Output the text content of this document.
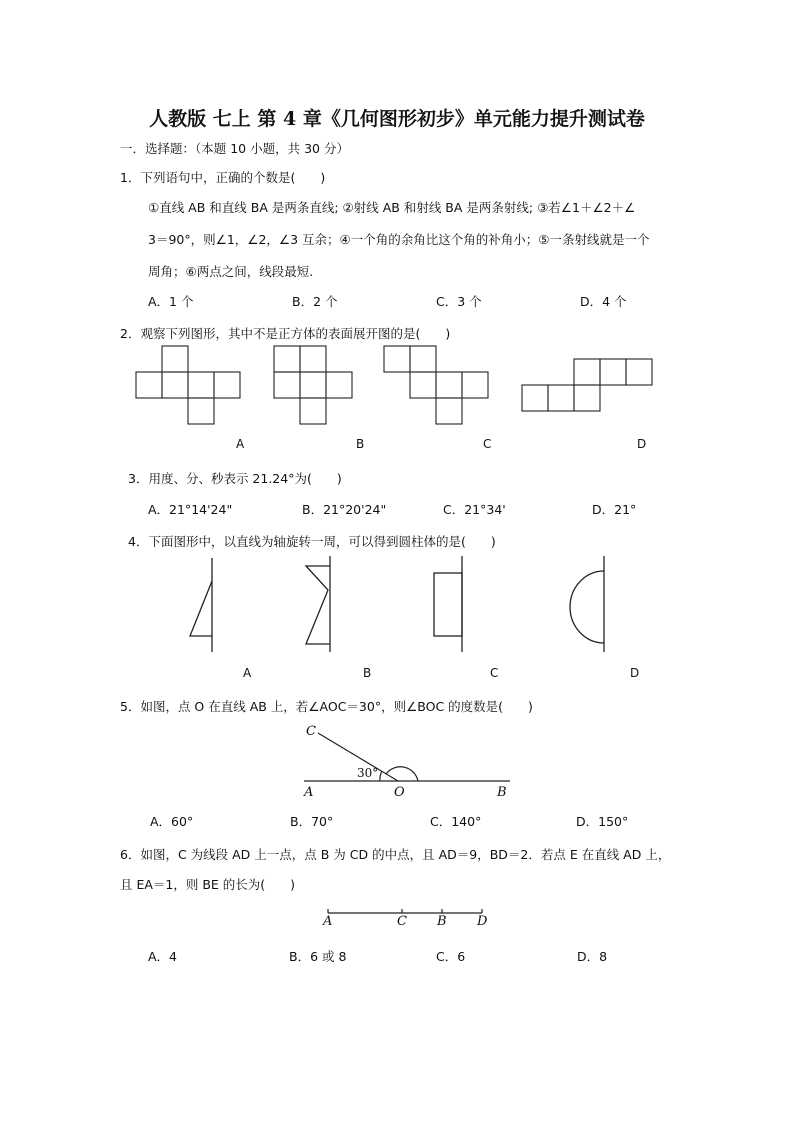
人教版 七上 第 4 章《几何图形初步》单元能力提升测试卷
一．选择题：（本题 10 小题，共 30 分）
1．下列语句中，正确的个数是(　　)
①直线 AB 和直线 BA 是两条直线; ②射线 AB 和射线 BA 是两条射线; ③若∠1＋∠2＋∠
3＝90°，则∠1，∠2，∠3 互余；④一个角的余角比这个角的补角小；⑤一条射线就是一个
周角；⑥两点之间，线段最短.
A．1 个	B．2 个	C．3 个	D．4 个
2．观察下列图形，其中不是正方体的表面展开图的是(　　)
A	B	C	D
3．用度、分、秒表示 21.24°为(　　)
A．21°14'24"	B．21°20'24"	C．21°34'	D．21°
4．下面图形中，以直线为轴旋转一周，可以得到圆柱体的是(　　)
A	B	C	D
5．如图，点 O 在直线 AB 上，若∠AOC＝30°，则∠BOC 的度数是(　　)
C
30°
A	O	B
A．60°	B．70°	C．140°	D．150°
6．如图，C 为线段 AD 上一点，点 B 为 CD 的中点，且 AD＝9，BD＝2．若点 E 在直线 AD 上，
且 EA＝1，则 BE 的长为(　　)
A	C B D
A．4	B．6 或 8	C．6	D．8
